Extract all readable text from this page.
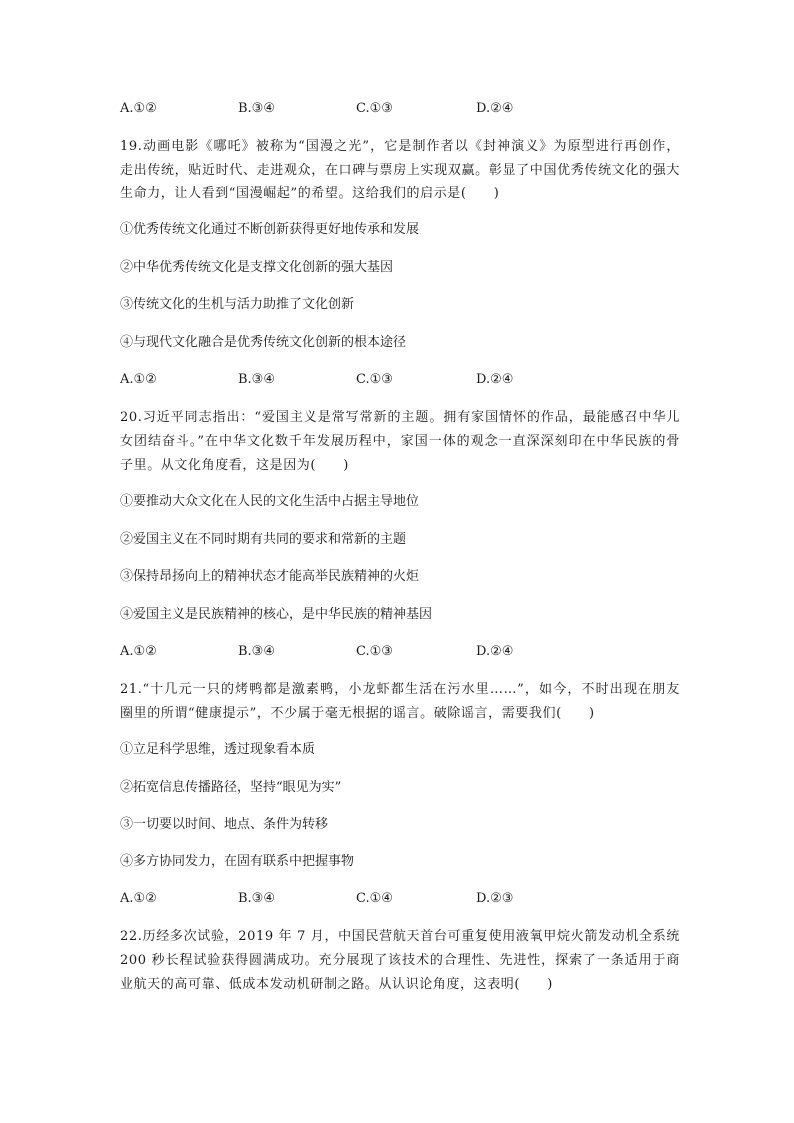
A.①②	B.③④	C.①③	D.②④
19.动画电影《哪吒》被称为“国漫之光”，它是制作者以《封神演义》为原型进行再创作，
走出传统，贴近时代、走进观众，在口碑与票房上实现双赢。彰显了中国优秀传统文化的强大
生命力，让人看到“国漫崛起”的希望。这给我们的启示是(　　)
①优秀传统文化通过不断创新获得更好地传承和发展
②中华优秀传统文化是支撑文化创新的强大基因
③传统文化的生机与活力助推了文化创新
④与现代文化融合是优秀传统文化创新的根本途径
A.①②	B.③④	C.①③	D.②④
20.习近平同志指出：“爱国主义是常写常新的主题。拥有家国情怀的作品，最能感召中华儿
女团结奋斗。”在中华文化数千年发展历程中，家国一体的观念一直深深刻印在中华民族的骨
子里。从文化角度看，这是因为(　　)
①要推动大众文化在人民的文化生活中占据主导地位
②爱国主义在不同时期有共同的要求和常新的主题
③保持昂扬向上的精神状态才能高举民族精神的火炬
④爱国主义是民族精神的核心，是中华民族的精神基因
A.①②	B.③④	C.①③	D.②④
21.“十几元一只的烤鸭都是激素鸭，小龙虾都生活在污水里……”，如今，不时出现在朋友
圈里的所谓“健康提示”，不少属于毫无根据的谣言。破除谣言，需要我们(　　)
①立足科学思维，透过现象看本质
②拓宽信息传播路径，坚持“眼见为实”
③一切要以时间、地点、条件为转移
④多方协同发力，在固有联系中把握事物
A.①②	B.③④	C.①④	D.②③
22.历经多次试验，2019 年 7 月，中国民营航天首台可重复使用液氧甲烷火箭发动机全系统
200 秒长程试验获得圆满成功。充分展现了该技术的合理性、先进性，探索了一条适用于商
业航天的高可靠、低成本发动机研制之路。从认识论角度，这表明(　　)
